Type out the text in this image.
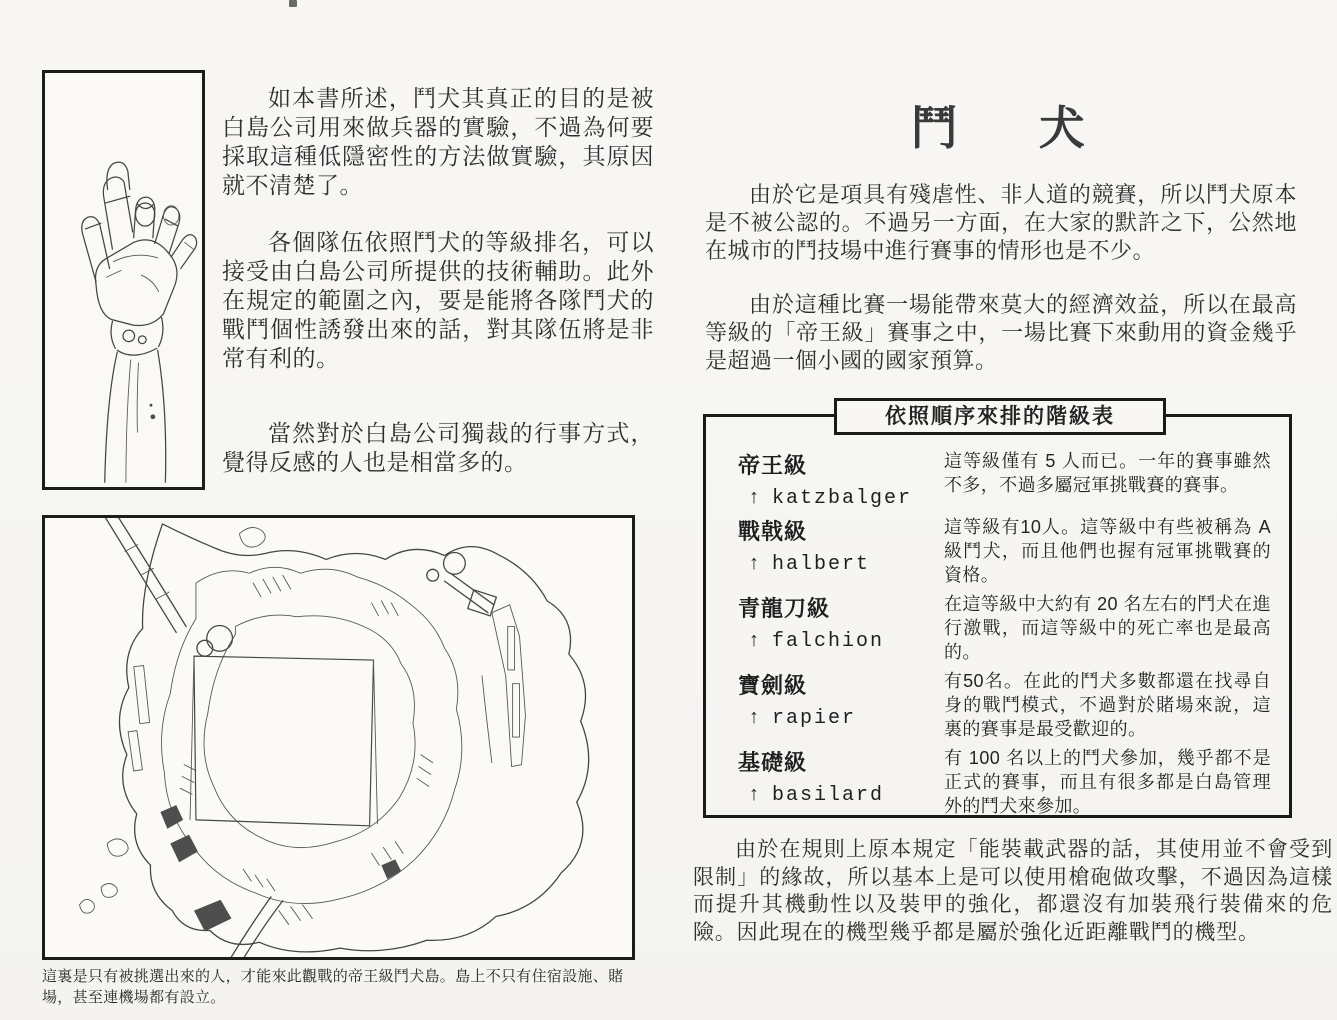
如本書所述，鬥犬其真正的目的是被白島公司用來做兵器的實驗，不過為何要採取這種低隱密性的方法做實驗，其原因就不清楚了。

各個隊伍依照鬥犬的等級排名，可以接受由白島公司所提供的技術輔助。此外在規定的範圍之內，要是能將各隊鬥犬的戰鬥個性誘發出來的話，對其隊伍將是非常有利的。

當然對於白島公司獨裁的行事方式，覺得反感的人也是相當多的。

這裏是只有被挑選出來的人，才能來此觀戰的帝王級鬥犬島。島上不只有住宿設施、賭場，甚至連機場都有設立。
鬥 犬

由於它是項具有殘虐性、非人道的競賽，所以鬥犬原本是不被公認的。不過另一方面，在大家的默許之下，公然地在城市的鬥技場中進行賽事的情形也是不少。

由於這種比賽一場能帶來莫大的經濟效益，所以在最高等級的「帝王級」賽事之中，一場比賽下來動用的資金幾乎是超過一個小國的國家預算。

依照順序來排的階級表
帝王級
↑ katzbalger
這等級僅有 5 人而已。一年的賽事雖然不多，不過多屬冠軍挑戰賽的賽事。
戰戟級
↑ halbert
這等級有10人。這等級中有些被稱為 A 級鬥犬，而且他們也握有冠軍挑戰賽的資格。
青龍刀級
↑ falchion
在這等級中大約有 20 名左右的鬥犬在進行激戰，而這等級中的死亡率也是最高的。
寶劍級
↑ rapier
有50名。在此的鬥犬多數都還在找尋自身的戰鬥模式，不過對於賭場來說，這裏的賽事是最受歡迎的。
基礎級
↑ basilard
有 100 名以上的鬥犬參加，幾乎都不是正式的賽事，而且有很多都是白島管理外的鬥犬來參加。
由於在規則上原本規定「能裝載武器的話，其使用並不會受到限制」的緣故，所以基本上是可以使用槍砲做攻擊，不過因為這樣而提升其機動性以及裝甲的強化，都還沒有加裝飛行裝備來的危險。因此現在的機型幾乎都是屬於強化近距離戰鬥的機型。
